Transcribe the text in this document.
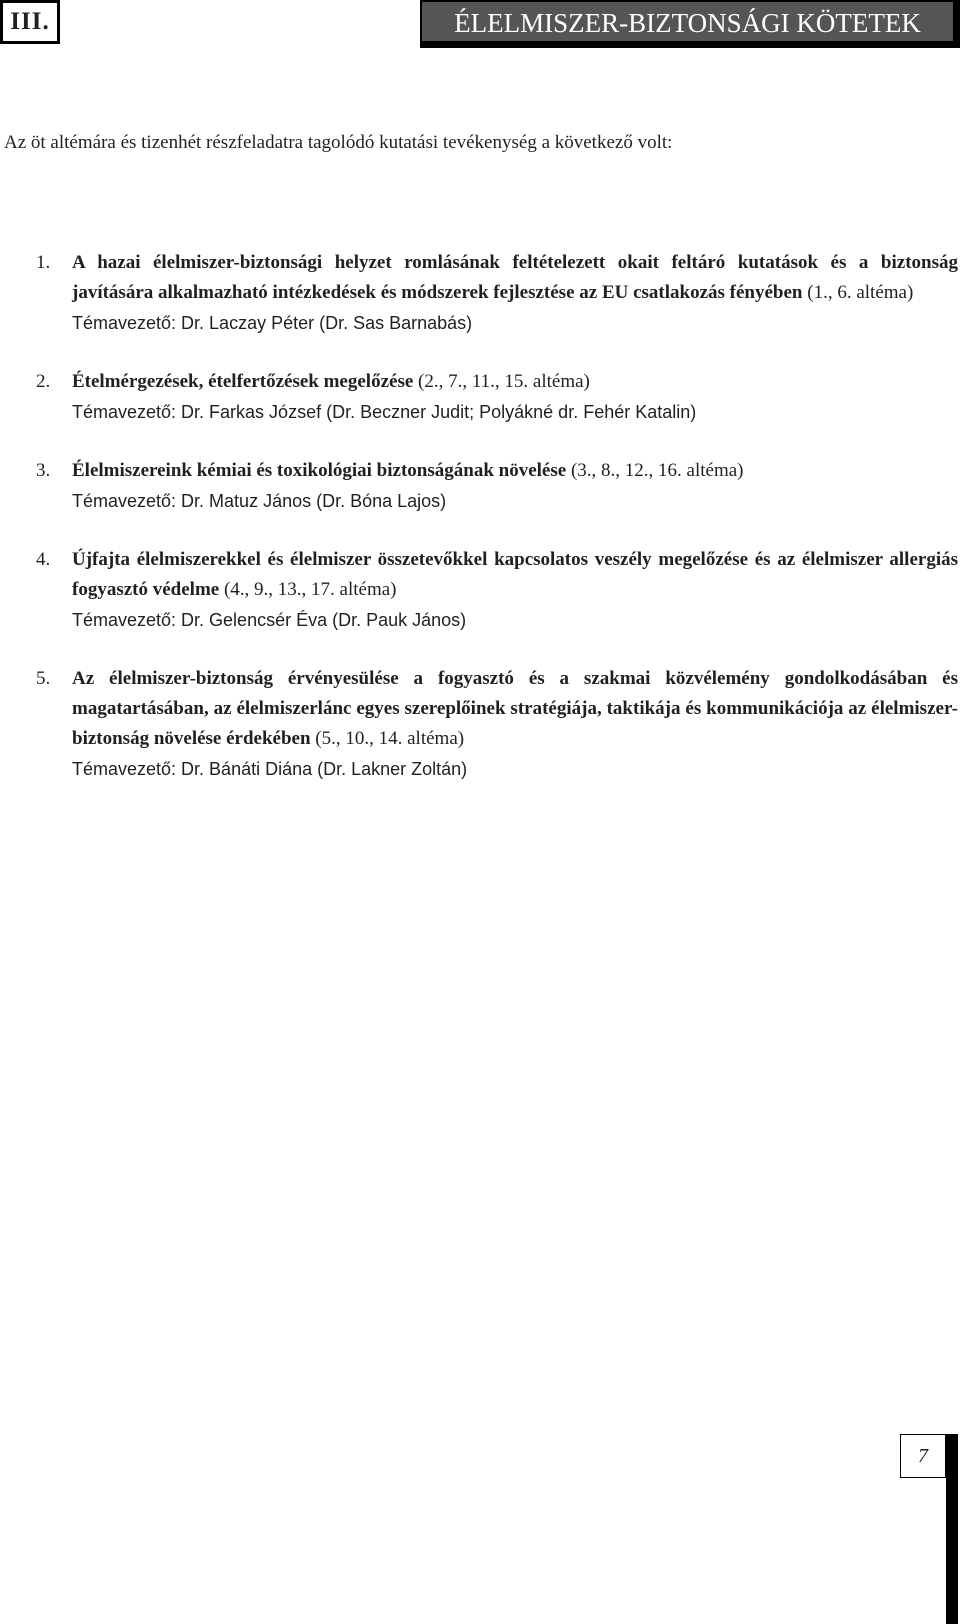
III.	ÉLELMISZER-BIZTONSÁGI KÖTETEK
Az öt altémára és tizenhét részfeladatra tagolódó kutatási tevékenység a következő volt:
1. A hazai élelmiszer-biztonsági helyzet romlásának feltételezett okait feltáró kutatások és a biztonság javítására alkalmazható intézkedések és módszerek fejlesztése az EU csatlakozás fényében (1., 6. altéma)
Témavezető: Dr. Laczay Péter (Dr. Sas Barnabás)
2. Ételmérgezések, ételfertőzések megelőzése (2., 7., 11., 15. altéma)
Témavezető: Dr. Farkas József (Dr. Beczner Judit; Polyákné dr. Fehér Katalin)
3. Élelmiszereink kémiai és toxikológiai biztonságának növelése (3., 8., 12., 16. altéma)
Témavezető: Dr. Matuz János (Dr. Bóna Lajos)
4. Újfajta élelmiszerekkel és élelmiszer összetevőkkel kapcsolatos veszély megelőzése és az élelmiszer allergiás fogyasztó védelme (4., 9., 13., 17. altéma)
Témavezető: Dr. Gelencsér Éva (Dr. Pauk János)
5. Az élelmiszer-biztonság érvényesülése a fogyasztó és a szakmai közvélemény gondolkodásában és magatartásában, az élelmiszerlánc egyes szereplőinek stratégiája, taktikája és kommunikációja az élelmiszer-biztonság növelése érdekében (5., 10., 14. altéma)
Témavezető: Dr. Bánáti Diána (Dr. Lakner Zoltán)
7
